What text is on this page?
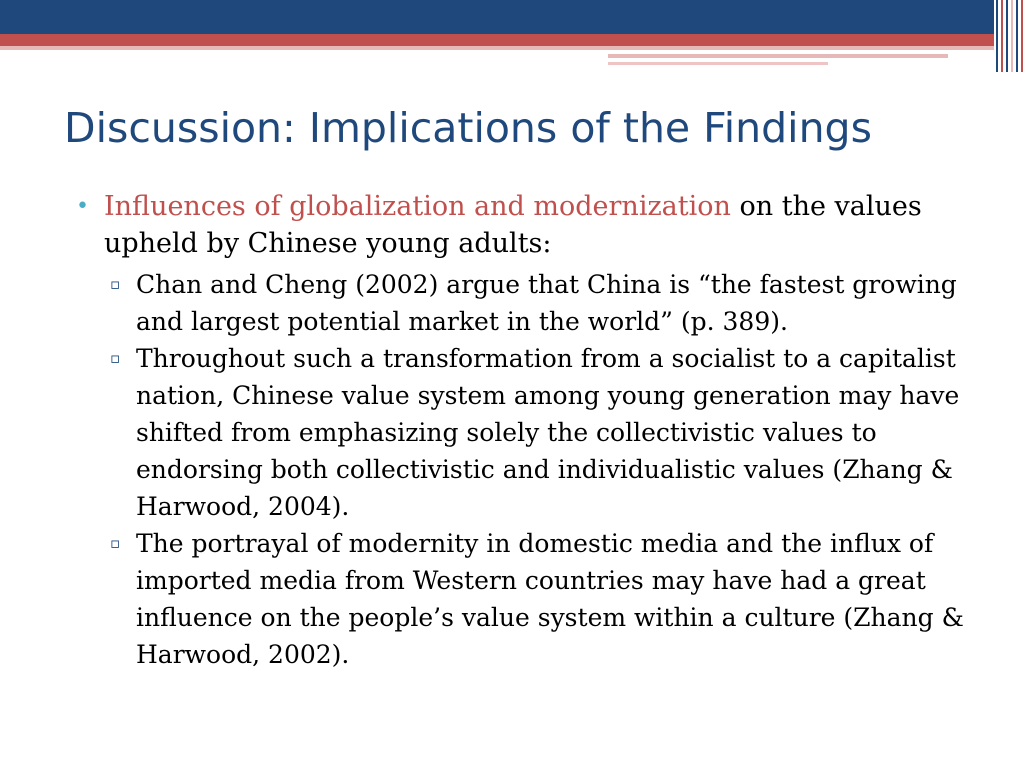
Discussion: Implications of the Findings
• Influences of globalization and modernization on the values upheld by Chinese young adults:
▫ Chan and Cheng (2002) argue that China is “the fastest growing and largest potential market in the world” (p. 389).
▫ Throughout such a transformation from a socialist to a capitalist nation, Chinese value system among young generation may have shifted from emphasizing solely the collectivistic values to endorsing both collectivistic and individualistic values (Zhang & Harwood, 2004).
▫ The portrayal of modernity in domestic media and the influx of imported media from Western countries may have had a great influence on the people’s value system within a culture (Zhang & Harwood, 2002).
